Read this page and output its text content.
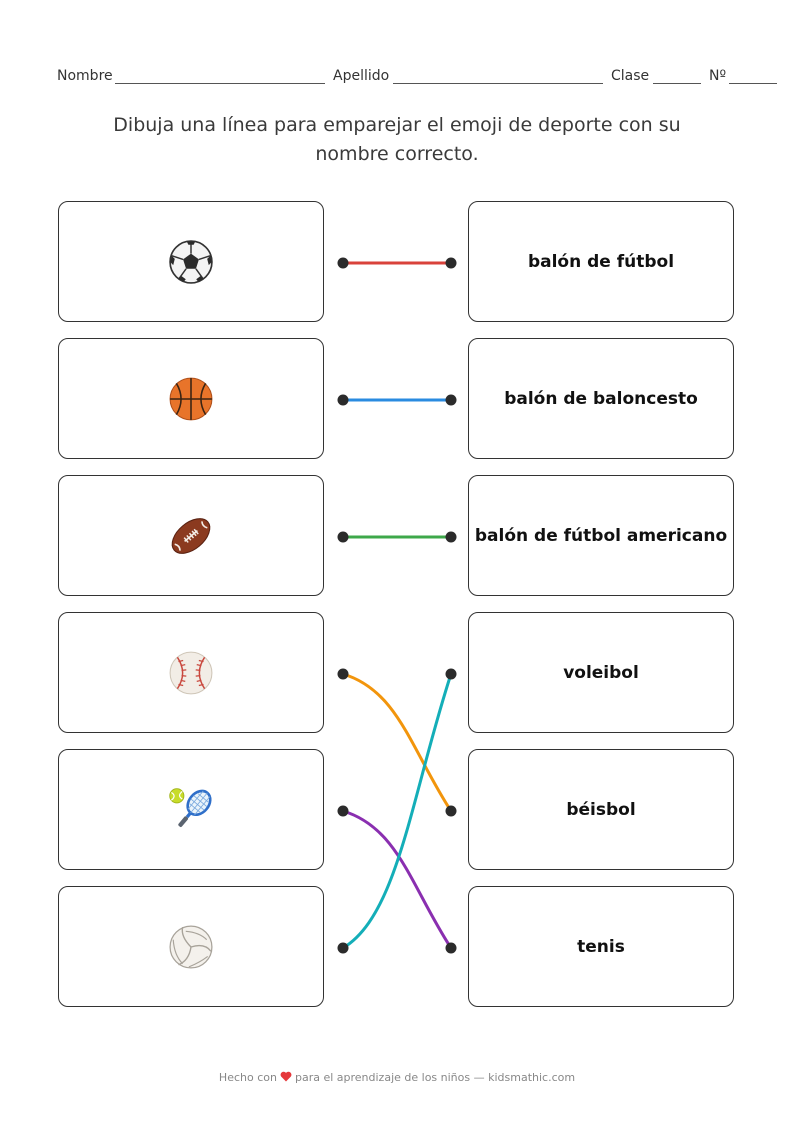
Nombre	Apellido	Clase	Nº
Dibuja una línea para emparejar el emoji de deporte con su nombre correcto.
balón de fútbol
balón de baloncesto
balón de fútbol americano
voleibol
béisbol
tenis
Hecho con para el aprendizaje de los niños — kidsmathic.com
